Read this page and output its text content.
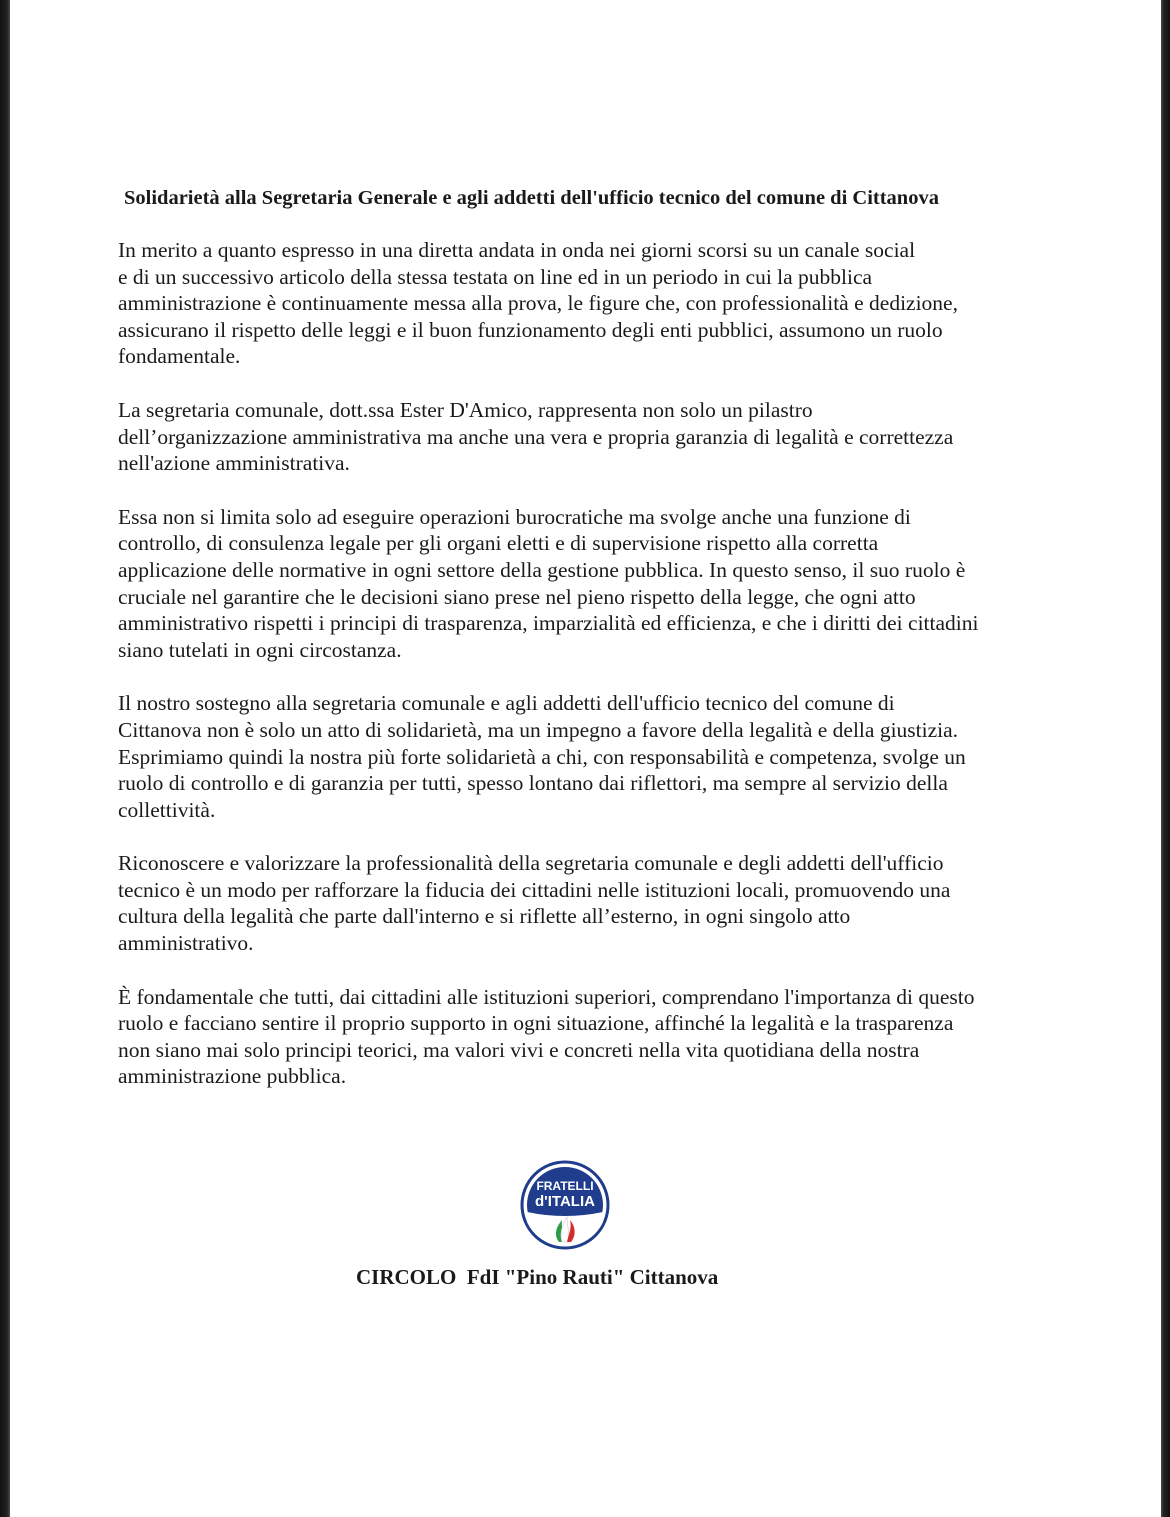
Solidarietà alla Segretaria Generale e agli addetti dell'ufficio tecnico del comune di Cittanova
In merito a quanto espresso in una diretta andata in onda nei giorni scorsi su un canale social
e di un successivo articolo della stessa testata on line ed in un periodo in cui la pubblica
amministrazione è continuamente messa alla prova, le figure che, con professionalità e dedizione,
assicurano il rispetto delle leggi e il buon funzionamento degli enti pubblici, assumono un ruolo
fondamentale.
La segretaria comunale, dott.ssa Ester D'Amico, rappresenta non solo un pilastro
dell’organizzazione amministrativa ma anche una vera e propria garanzia di legalità e correttezza
nell'azione amministrativa.
Essa non si limita solo ad eseguire operazioni burocratiche ma svolge anche una funzione di
controllo, di consulenza legale per gli organi eletti e di supervisione rispetto alla corretta
applicazione delle normative in ogni settore della gestione pubblica. In questo senso, il suo ruolo è
cruciale nel garantire che le decisioni siano prese nel pieno rispetto della legge, che ogni atto
amministrativo rispetti i principi di trasparenza, imparzialità ed efficienza, e che i diritti dei cittadini
siano tutelati in ogni circostanza.
Il nostro sostegno alla segretaria comunale e agli addetti dell'ufficio tecnico del comune di
Cittanova non è solo un atto di solidarietà, ma un impegno a favore della legalità e della giustizia.
Esprimiamo quindi la nostra più forte solidarietà a chi, con responsabilità e competenza, svolge un
ruolo di controllo e di garanzia per tutti, spesso lontano dai riflettori, ma sempre al servizio della
collettività.
Riconoscere e valorizzare la professionalità della segretaria comunale e degli addetti dell'ufficio
tecnico è un modo per rafforzare la fiducia dei cittadini nelle istituzioni locali, promuovendo una
cultura della legalità che parte dall'interno e si riflette all’esterno, in ogni singolo atto
amministrativo.
È fondamentale che tutti, dai cittadini alle istituzioni superiori, comprendano l'importanza di questo
ruolo e facciano sentire il proprio supporto in ogni situazione, affinché la legalità e la trasparenza
non siano mai solo principi teorici, ma valori vivi e concreti nella vita quotidiana della nostra
amministrazione pubblica.
FRATELLI
d'ITALIA
CIRCOLO  FdI "Pino Rauti" Cittanova
